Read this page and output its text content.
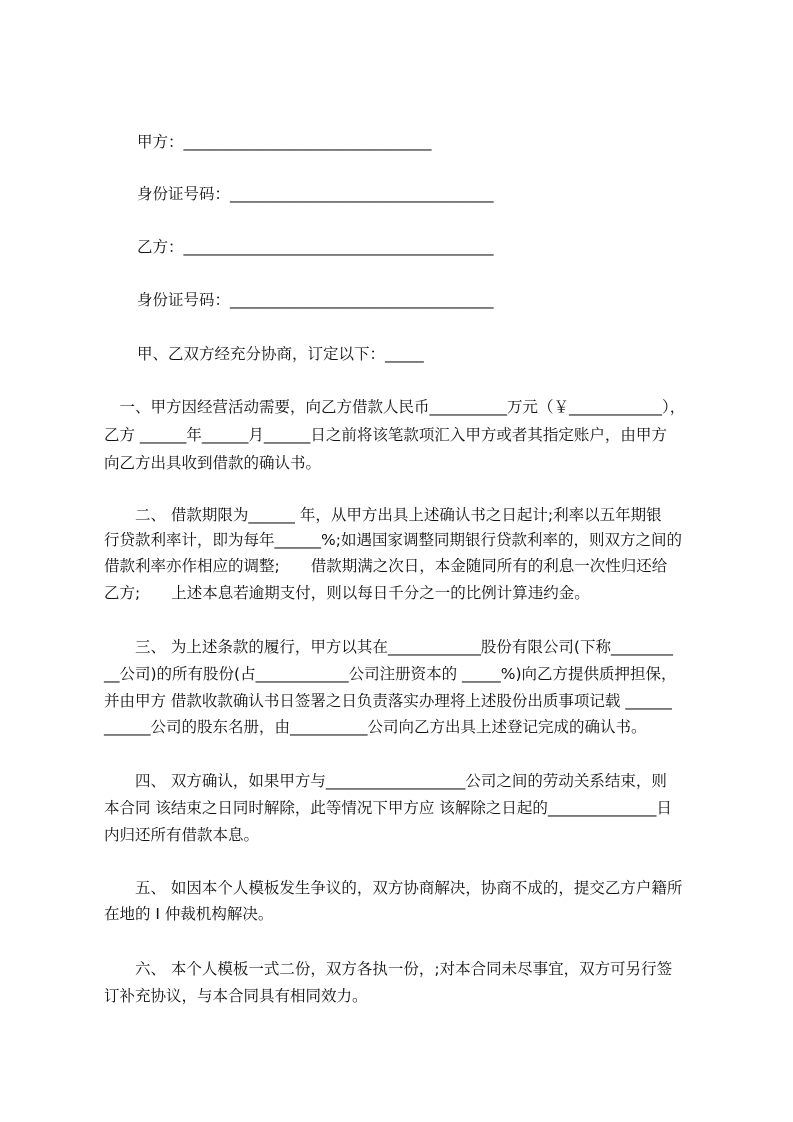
甲方：________________________________
身份证号码：__________________________________
乙方：________________________________________
身份证号码：__________________________________
甲、乙双方经充分协商，订定以下：_____
　一、甲方因经营活动需要，向乙方借款人民币__________万元（￥____________），
乙方 ______年______月______日之前将该笔款项汇入甲方或者其指定账户，由甲方
向乙方出具收到借款的确认书。
　　二、 借款期限为______ 年，从甲方出具上述确认书之日起计;利率以五年期银
行贷款利率计，即为每年______%;如遇国家调整同期银行贷款利率的，则双方之间的
借款利率亦作相应的调整;　　借款期满之次日，本金随同所有的利息一次性归还给
乙方;　　上述本息若逾期支付，则以每日千分之一的比例计算违约金。
　　三、 为上述条款的履行，甲方以其在____________股份有限公司(下称________
__公司)的所有股份(占____________公司注册资本的 _____%)向乙方提供质押担保，
并由甲方 借款收款确认书日签署之日负责落实办理将上述股份出质事项记载 ______
______公司的股东名册，由__________公司向乙方出具上述登记完成的确认书。
　　四、 双方确认，如果甲方与__________________公司之间的劳动关系结束，则
本合同 该结束之日同时解除，此等情况下甲方应 该解除之日起的______________日
内归还所有借款本息。
　　五、 如因本个人模板发生争议的，双方协商解决，协商不成的，提交乙方户籍所
在地的 I 仲裁机构解决。
　　六、 本个人模板一式二份，双方各执一份，;对本合同未尽事宜，双方可另行签
订补充协议，与本合同具有相同效力。
